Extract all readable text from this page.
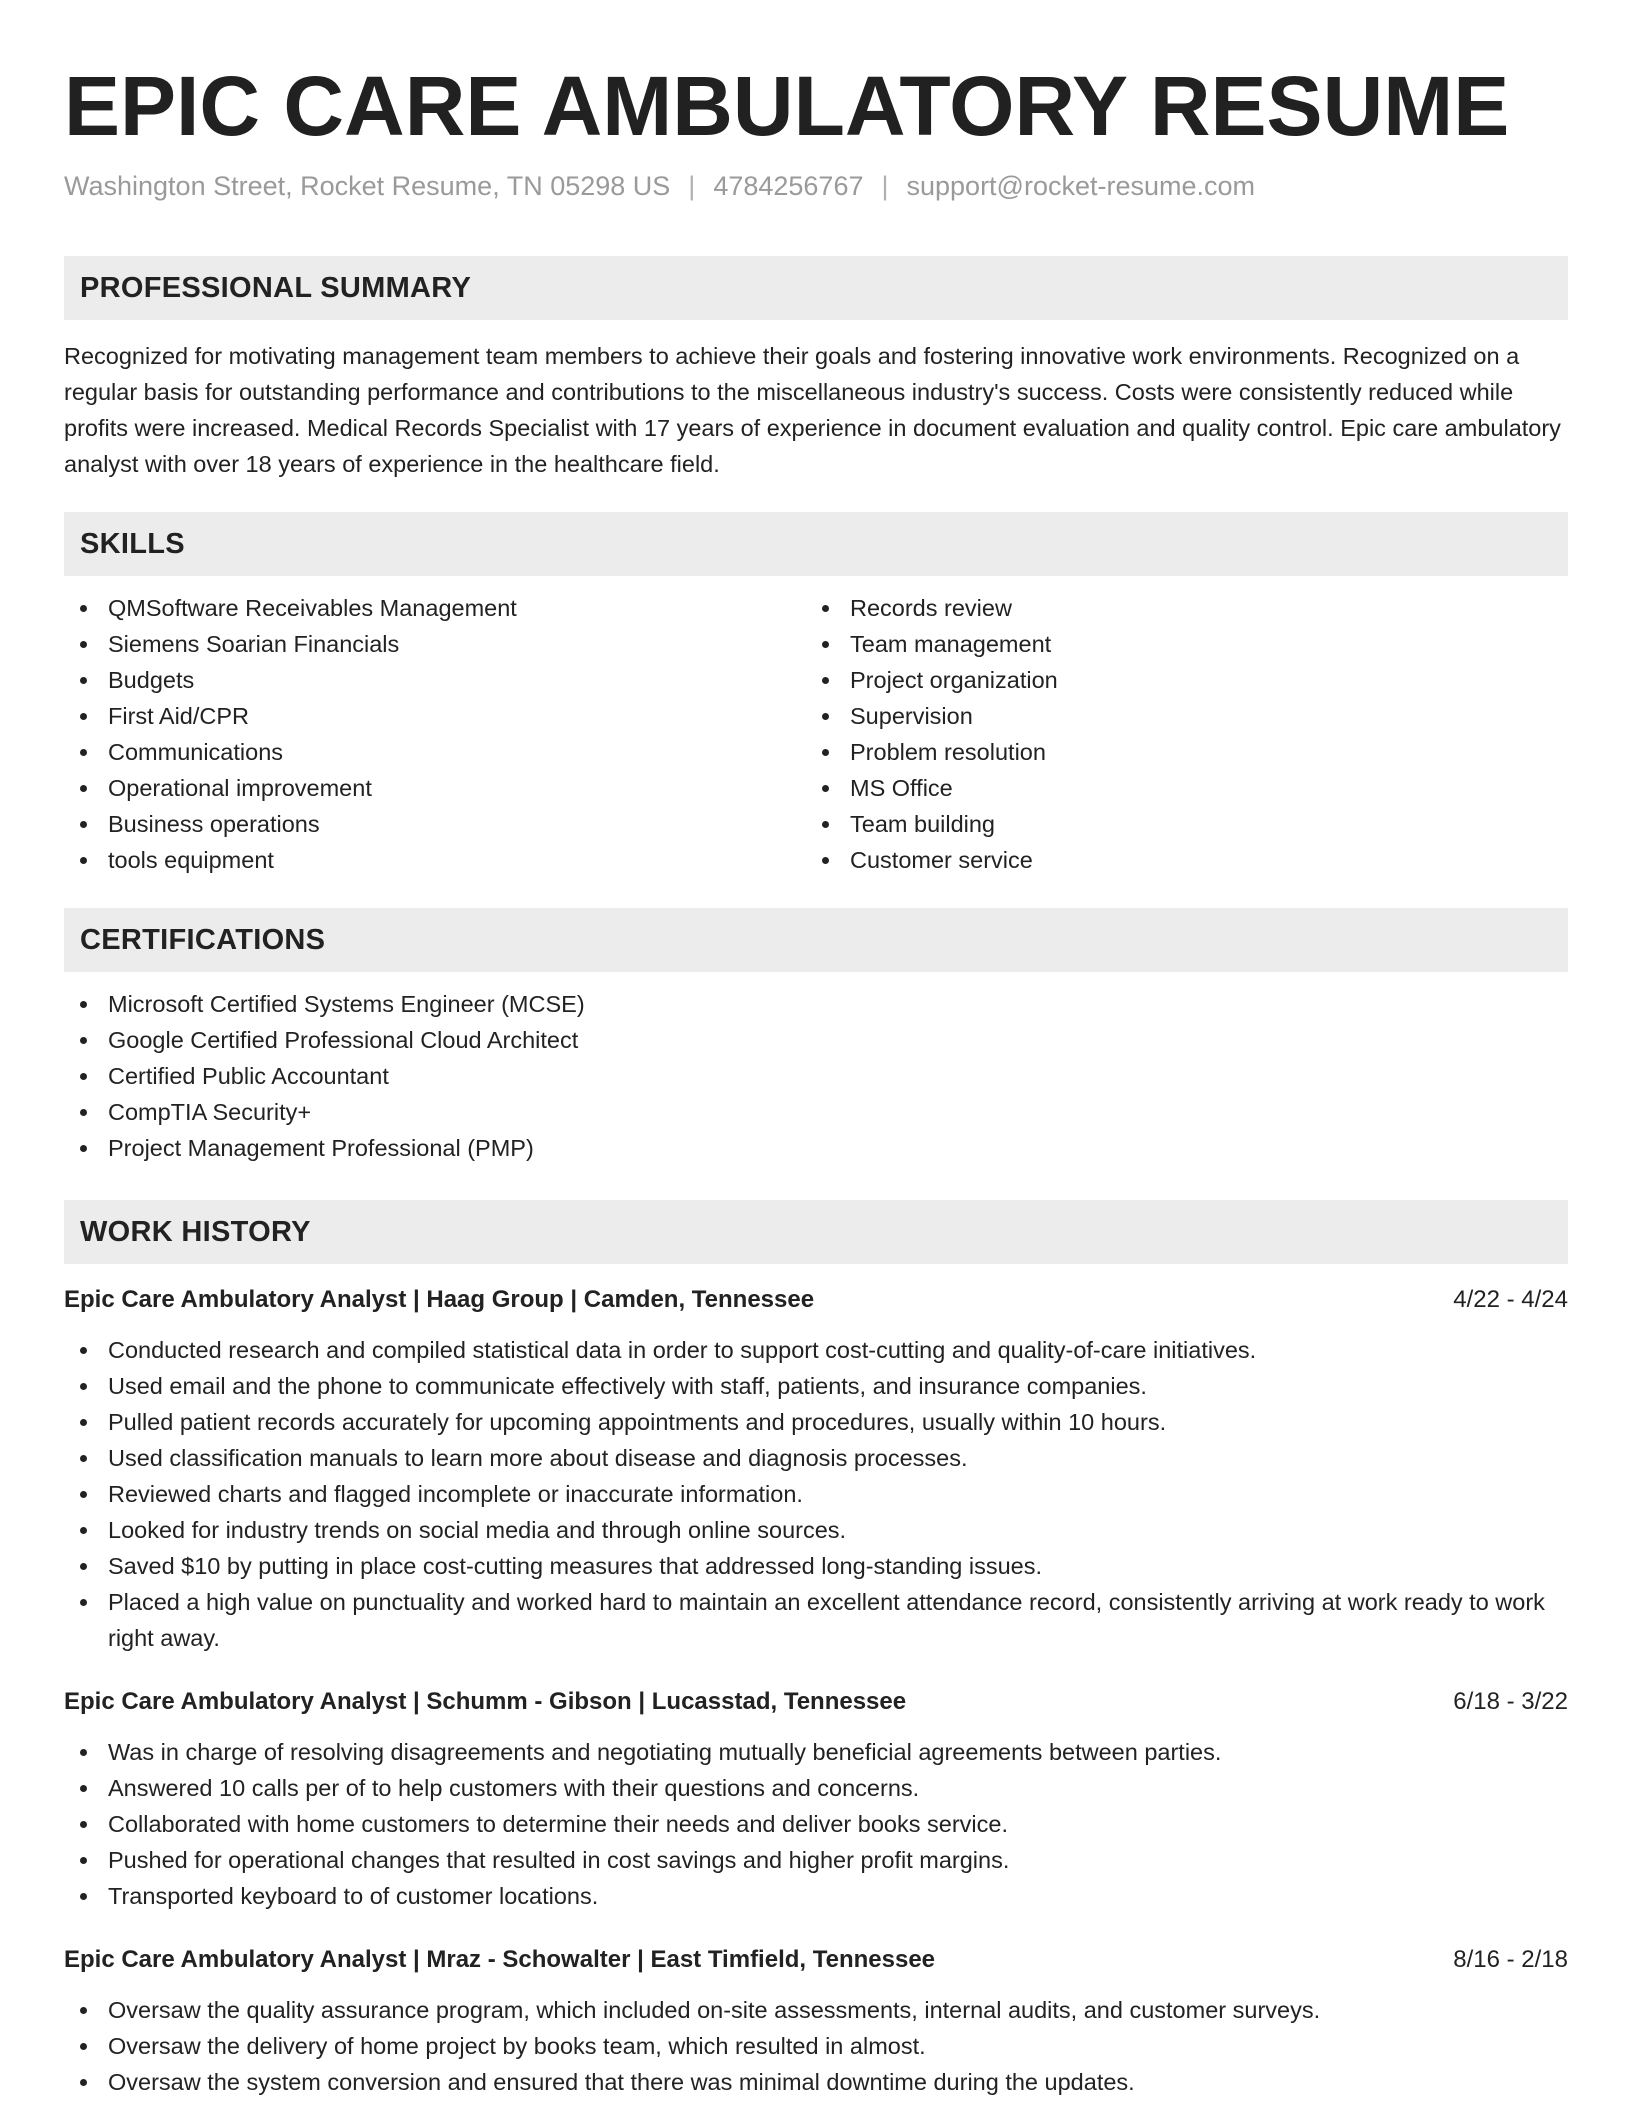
EPIC CARE AMBULATORY RESUME
Washington Street, Rocket Resume, TN 05298 US | 4784256767 | support@rocket-resume.com
PROFESSIONAL SUMMARY
Recognized for motivating management team members to achieve their goals and fostering innovative work environments. Recognized on a regular basis for outstanding performance and contributions to the miscellaneous industry's success. Costs were consistently reduced while profits were increased. Medical Records Specialist with 17 years of experience in document evaluation and quality control. Epic care ambulatory analyst with over 18 years of experience in the healthcare field.
SKILLS
QMSoftware Receivables Management
Siemens Soarian Financials
Budgets
First Aid/CPR
Communications
Operational improvement
Business operations
tools equipment
Records review
Team management
Project organization
Supervision
Problem resolution
MS Office
Team building
Customer service
CERTIFICATIONS
Microsoft Certified Systems Engineer (MCSE)
Google Certified Professional Cloud Architect
Certified Public Accountant
CompTIA Security+
Project Management Professional (PMP)
WORK HISTORY
Epic Care Ambulatory Analyst | Haag Group | Camden, Tennessee	4/22 - 4/24
Conducted research and compiled statistical data in order to support cost-cutting and quality-of-care initiatives.
Used email and the phone to communicate effectively with staff, patients, and insurance companies.
Pulled patient records accurately for upcoming appointments and procedures, usually within 10 hours.
Used classification manuals to learn more about disease and diagnosis processes.
Reviewed charts and flagged incomplete or inaccurate information.
Looked for industry trends on social media and through online sources.
Saved $10 by putting in place cost-cutting measures that addressed long-standing issues.
Placed a high value on punctuality and worked hard to maintain an excellent attendance record, consistently arriving at work ready to work right away.
Epic Care Ambulatory Analyst | Schumm - Gibson | Lucasstad, Tennessee	6/18 - 3/22
Was in charge of resolving disagreements and negotiating mutually beneficial agreements between parties.
Answered 10 calls per of to help customers with their questions and concerns.
Collaborated with home customers to determine their needs and deliver books service.
Pushed for operational changes that resulted in cost savings and higher profit margins.
Transported keyboard to of customer locations.
Epic Care Ambulatory Analyst | Mraz - Schowalter | East Timfield, Tennessee	8/16 - 2/18
Oversaw the quality assurance program, which included on-site assessments, internal audits, and customer surveys.
Oversaw the delivery of home project by books team, which resulted in almost.
Oversaw the system conversion and ensured that there was minimal downtime during the updates.
